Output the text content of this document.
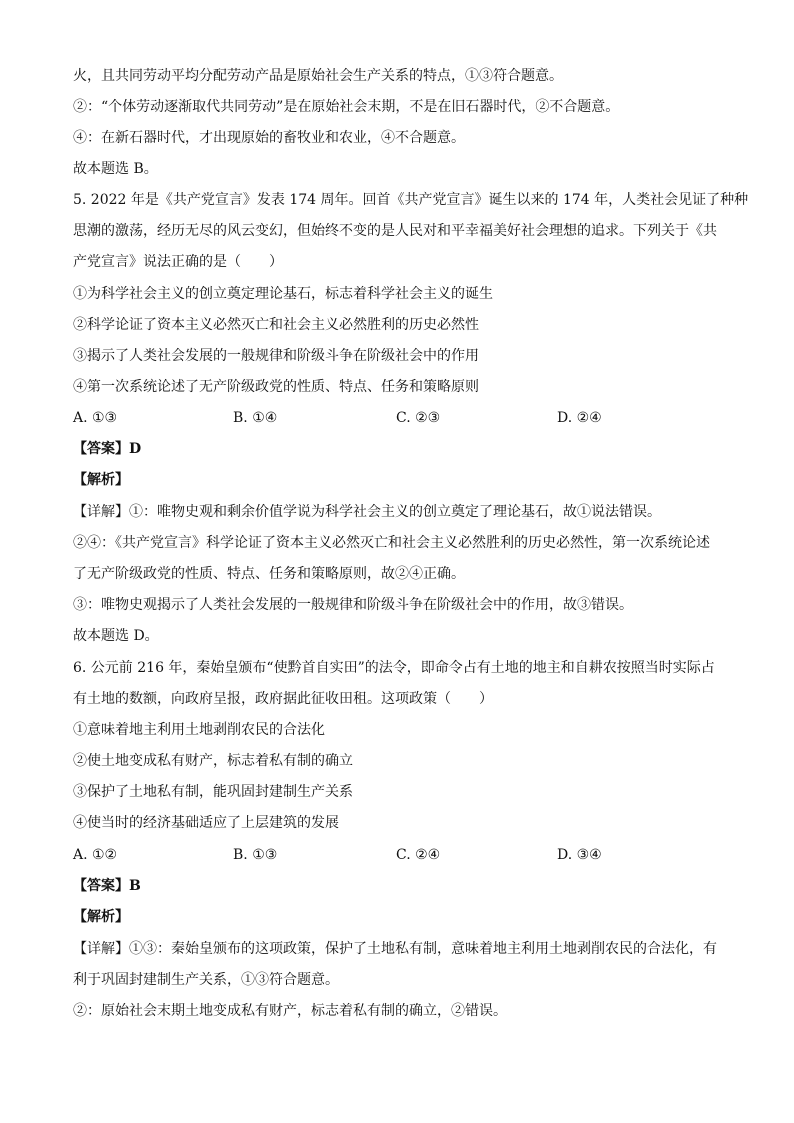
火，且共同劳动平均分配劳动产品是原始社会生产关系的特点，①③符合题意。
②：“个体劳动逐渐取代共同劳动”是在原始社会末期，不是在旧石器时代，②不合题意。
④：在新石器时代，才出现原始的畜牧业和农业，④不合题意。
故本题选 B。
5. 2022 年是《共产党宣言》发表 174 周年。回首《共产党宣言》诞生以来的 174 年，人类社会见证了种种
思潮的激荡，经历无尽的风云变幻，但始终不变的是人民对和平幸福美好社会理想的追求。下列关于《共
产党宣言》说法正确的是（　　）
①为科学社会主义的创立奠定理论基石，标志着科学社会主义的诞生
②科学论证了资本主义必然灭亡和社会主义必然胜利的历史必然性
③揭示了人类社会发展的一般规律和阶级斗争在阶级社会中的作用
④第一次系统论述了无产阶级政党的性质、特点、任务和策略原则
A. ①③	B. ①④	C. ②③	D. ②④
【答案】D
【解析】
【详解】①：唯物史观和剩余价值学说为科学社会主义的创立奠定了理论基石，故①说法错误。
②④：《共产党宣言》科学论证了资本主义必然灭亡和社会主义必然胜利的历史必然性，第一次系统论述
了无产阶级政党的性质、特点、任务和策略原则，故②④正确。
③：唯物史观揭示了人类社会发展的一般规律和阶级斗争在阶级社会中的作用，故③错误。
故本题选 D。
6. 公元前 216 年，秦始皇颁布“使黔首自实田”的法令，即命令占有土地的地主和自耕农按照当时实际占
有土地的数额，向政府呈报，政府据此征收田租。这项政策（　　）
①意味着地主利用土地剥削农民的合法化
②使土地变成私有财产，标志着私有制的确立
③保护了土地私有制，能巩固封建制生产关系
④使当时的经济基础适应了上层建筑的发展
A. ①②	B. ①③	C. ②④	D. ③④
【答案】B
【解析】
【详解】①③：秦始皇颁布的这项政策，保护了土地私有制，意味着地主利用土地剥削农民的合法化，有
利于巩固封建制生产关系，①③符合题意。
②：原始社会末期土地变成私有财产，标志着私有制的确立，②错误。
